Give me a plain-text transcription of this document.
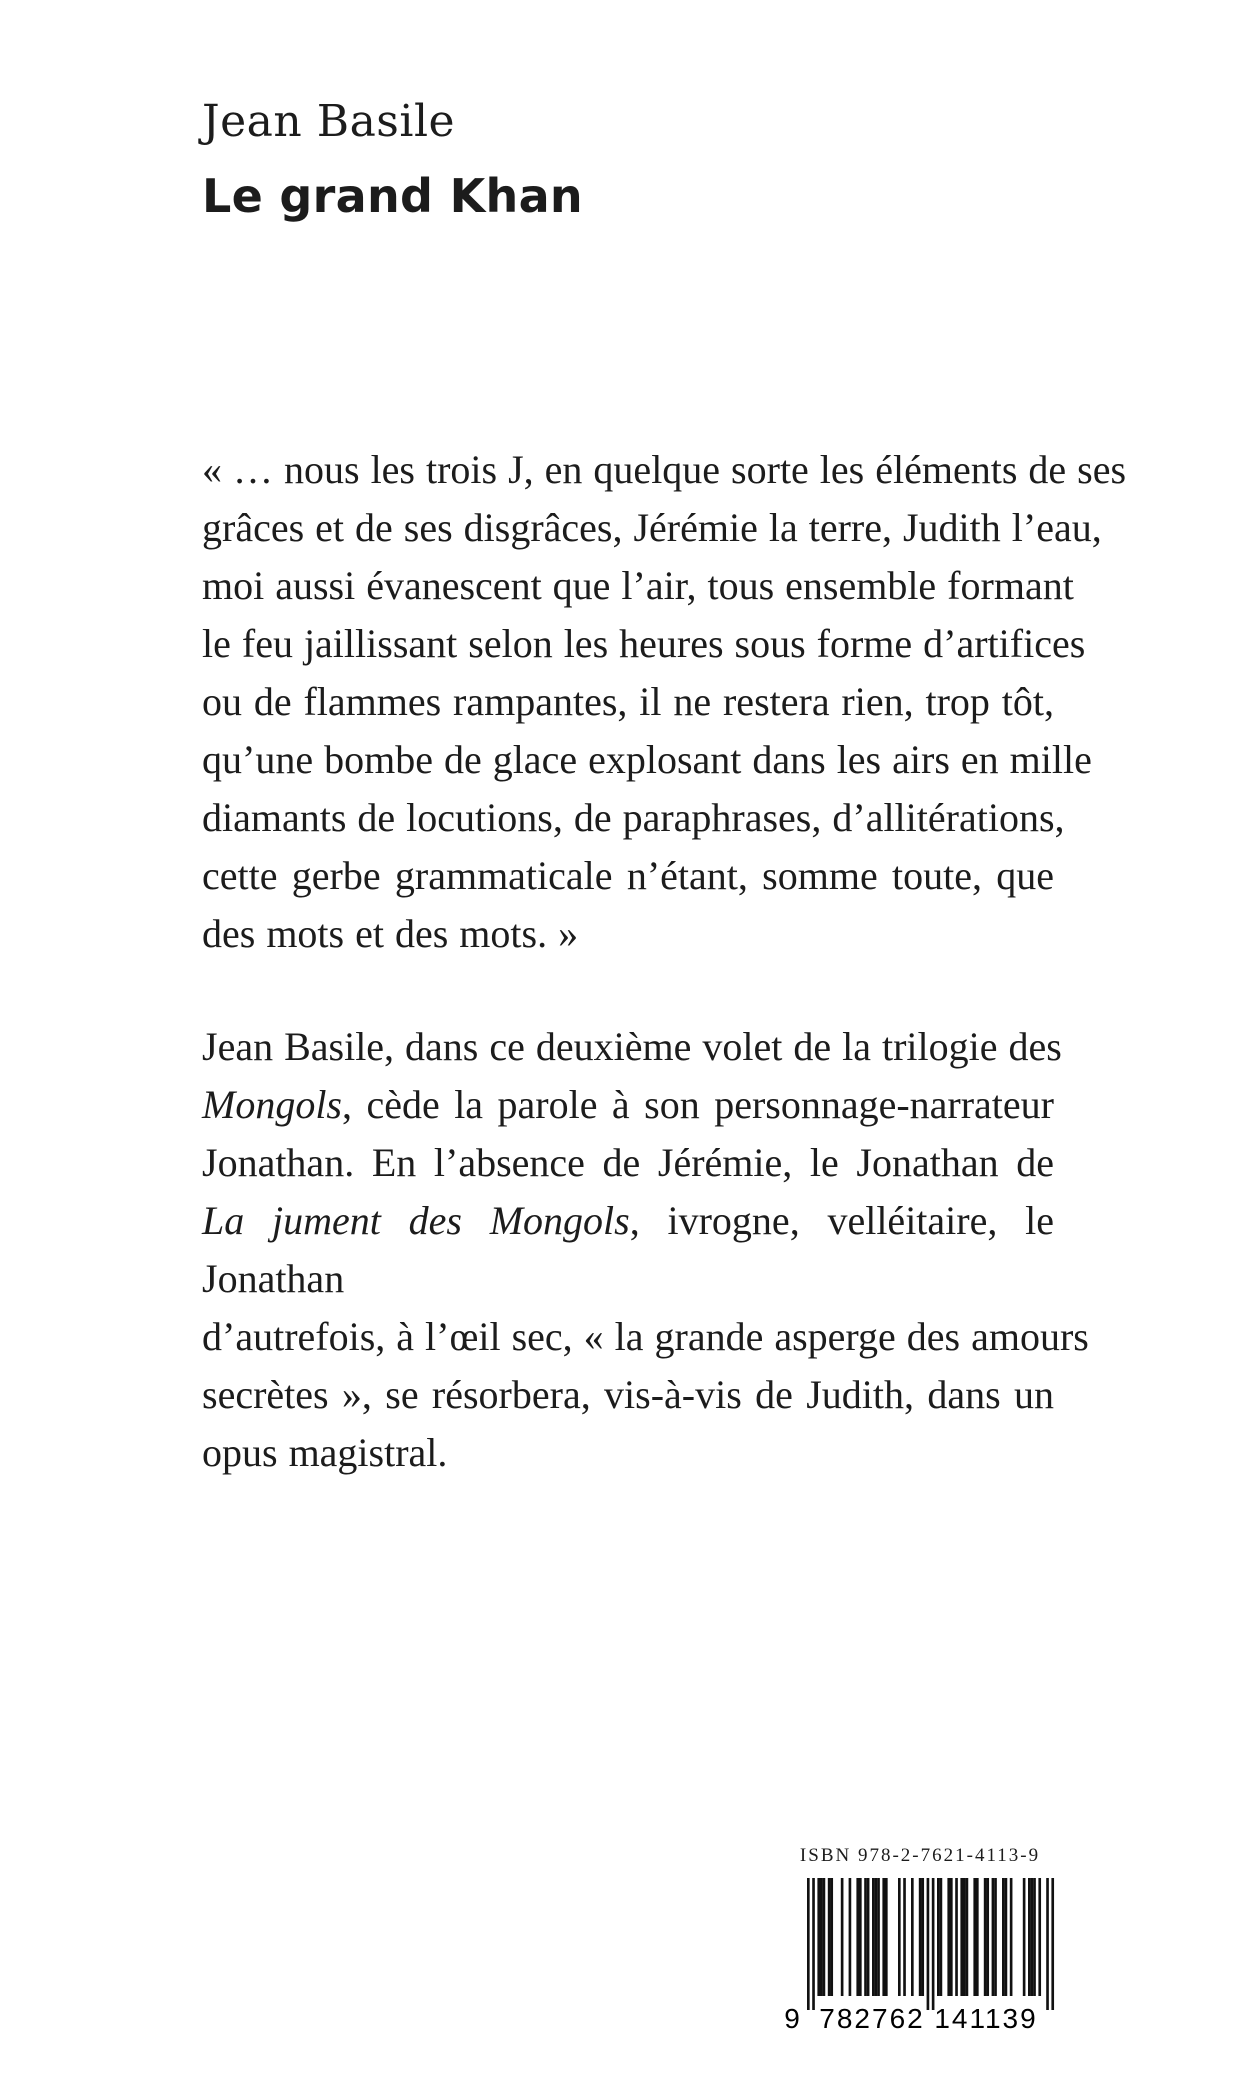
Jean Basile
Le grand Khan
« … nous les trois J, en quelque sorte les éléments de ses
grâces et de ses disgrâces, Jérémie la terre, Judith l’eau,
moi aussi évanescent que l’air, tous ensemble formant
le feu jaillissant selon les heures sous forme d’artifices
ou de flammes rampantes, il ne restera rien, trop tôt,
qu’une bombe de glace explosant dans les airs en mille
diamants de locutions, de paraphrases, d’allitérations,
cette gerbe grammaticale n’étant, somme toute, que
des mots et des mots. »
Jean Basile, dans ce deuxième volet de la trilogie des
Mongols, cède la parole à son personnage-narrateur
Jonathan. En l’absence de Jérémie, le Jonathan de
La jument des Mongols, ivrogne, velléitaire, le Jonathan
d’autrefois, à l’œil sec, « la grande asperge des amours
secrètes », se résorbera, vis-à-vis de Judith, dans un
opus magistral.
ISBN 978-2-7621-4113-9
9 782762 141139
